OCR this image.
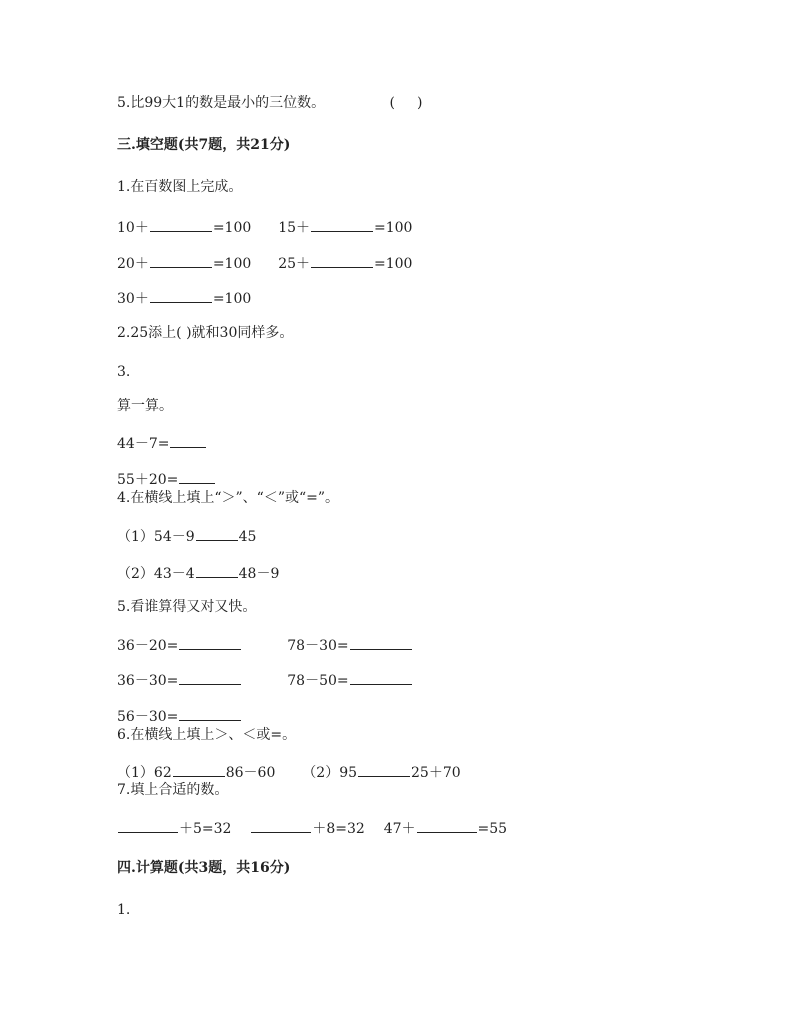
5.比99大1的数是最小的三位数。	( )
三.填空题(共7题，共21分)
1.在百数图上完成。
10＋	=100 15＋	=100
20＋	=100 25＋	=100
30＋	=100
2.25添上( )就和30同样多。
3.
算一算。
44－7=
55＋20=
4.在横线上填上“＞”、“＜”或“=”。
（1）54－9	45
（2）43－4	48－9
5.看谁算得又对又快。
36－20=	78－30=
36－30=	78－50=
56－30=
6.在横线上填上＞、＜或=。
（1）62	86－60 （2）95	25＋70
7.填上合适的数。
＋5=32	＋8=32 47＋	=55
四.计算题(共3题，共16分)
1.
